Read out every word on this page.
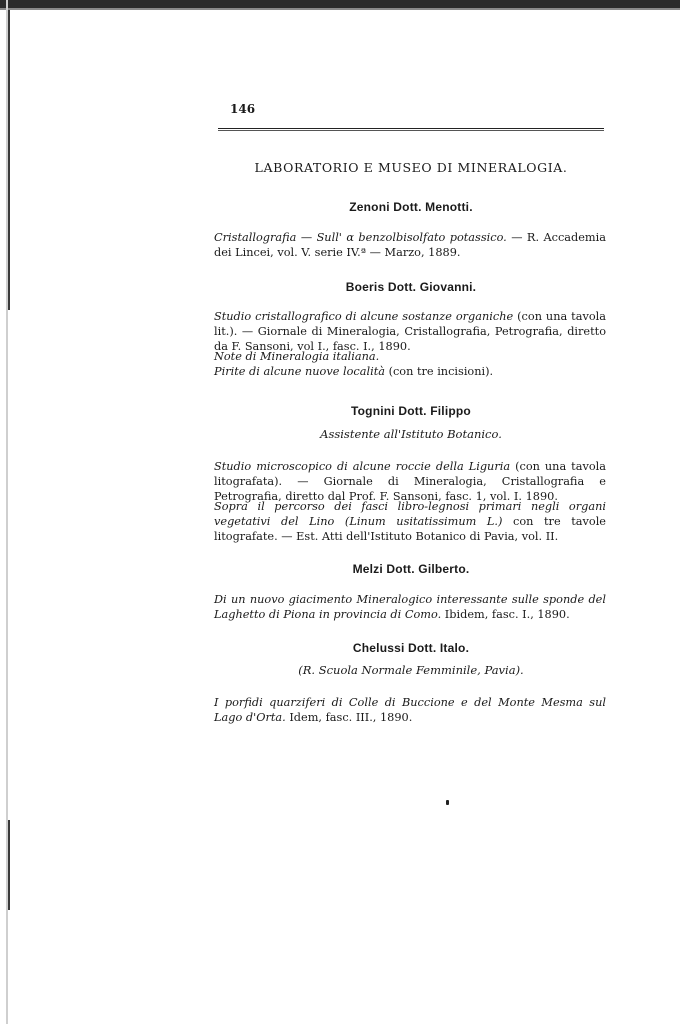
146
LABORATORIO E MUSEO DI MINERALOGIA.
Zenoni Dott. Menotti.
Cristallografia — Sull' α benzolbisolfato potassico. — R. Accademia dei Lincei, vol. V. serie IV.ª — Marzo, 1889.
Boeris Dott. Giovanni.
Studio cristallografico di alcune sostanze organiche (con una tavola lit.). — Giornale di Mineralogia, Cristallografia, Petrografia, diretto da F. Sansoni, vol I., fasc. I., 1890.
Note di Mineralogia italiana.
Pirite di alcune nuove località (con tre incisioni).
Tognini Dott. Filippo
Assistente all'Istituto Botanico.
Studio microscopico di alcune roccie della Liguria (con una tavola litografata). — Giornale di Mineralogia, Cristallografia e Petrografia, diretto dal Prof. F. Sansoni, fasc. 1, vol. I. 1890.
Sopra il percorso dei fasci libro-legnosi primari negli organi vegetativi del Lino (Linum usitatissimum L.) con tre tavole litografate. — Est. Atti dell'Istituto Botanico di Pavia, vol. II.
Melzi Dott. Gilberto.
Di un nuovo giacimento Mineralogico interessante sulle sponde del Laghetto di Piona in provincia di Como. Ibidem, fasc. I., 1890.
Chelussi Dott. Italo.
(R. Scuola Normale Femminile, Pavia).
I porfidi quarziferi di Colle di Buccione e del Monte Mesma sul Lago d'Orta. Idem, fasc. III., 1890.
